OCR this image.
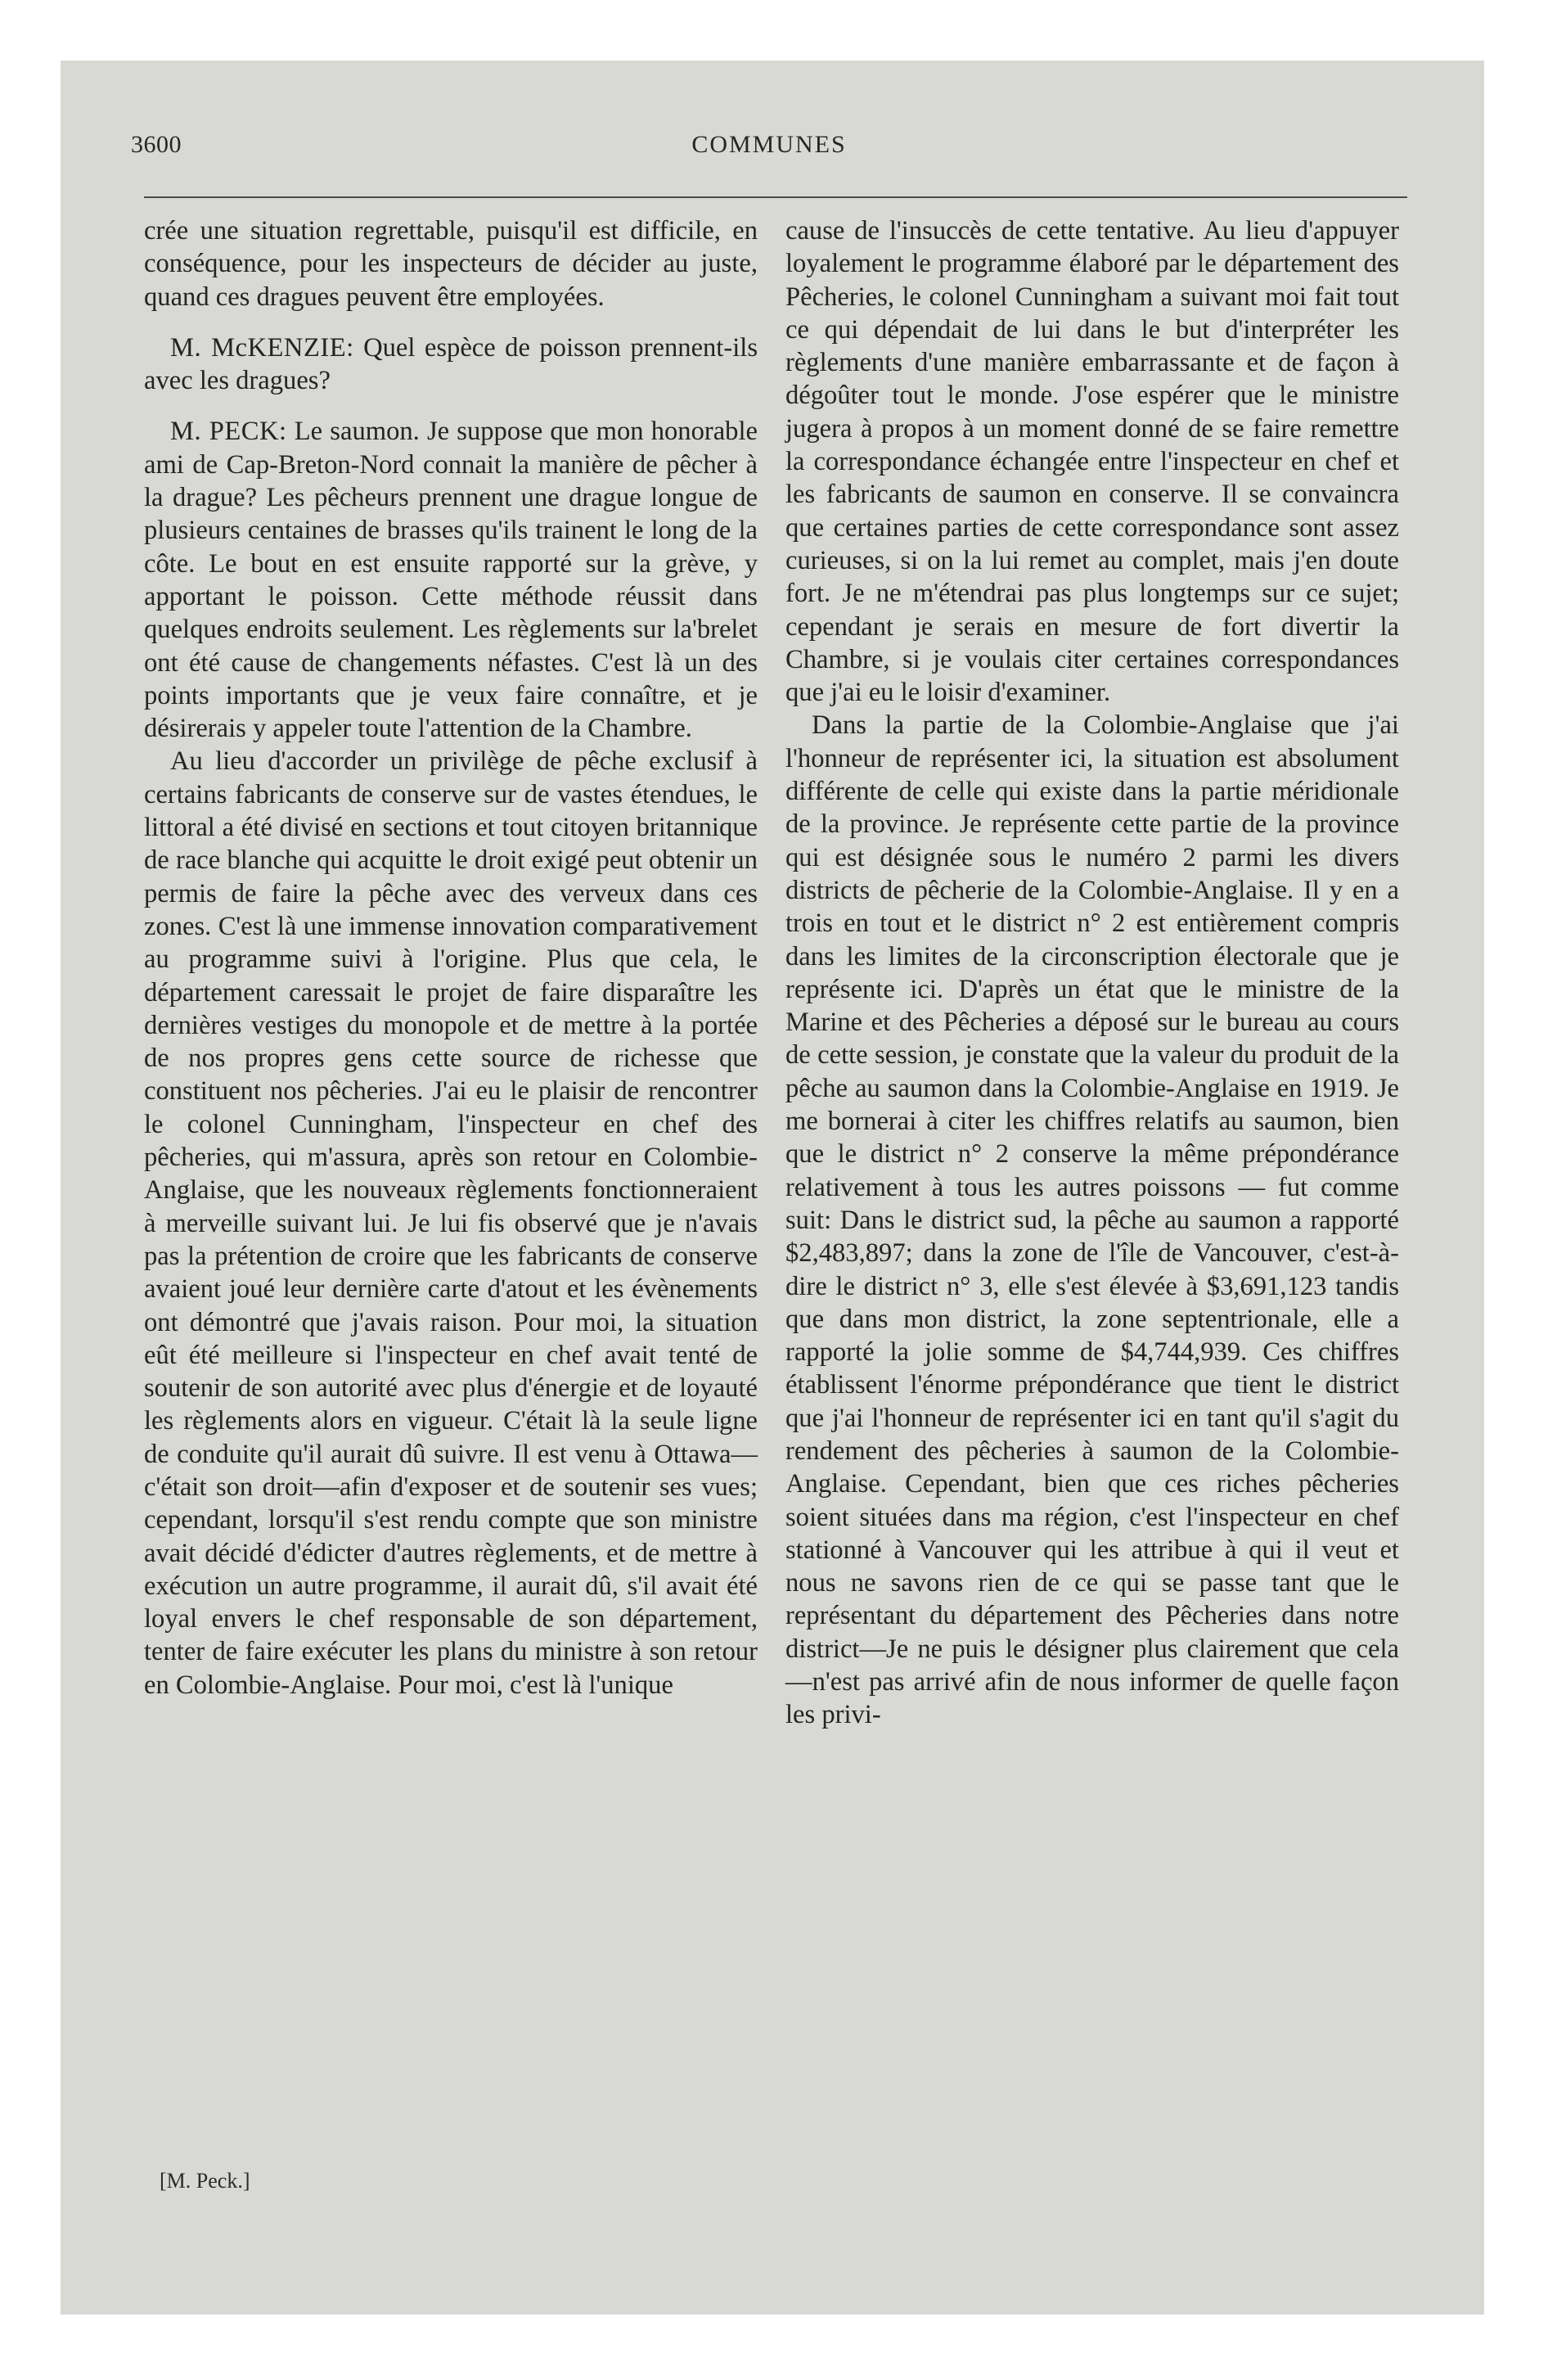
3600	COMMUNES

crée une situation regrettable, puisqu'il est difficile, en conséquence, pour les inspecteurs de décider au juste, quand ces dragues peuvent être employées.

M. McKENZIE: Quel espèce de poisson prennent-ils avec les dragues?

M. PECK: Le saumon. Je suppose que mon honorable ami de Cap-Breton-Nord connait la manière de pêcher à la drague? Les pêcheurs prennent une drague longue de plusieurs centaines de brasses qu'ils trainent le long de la côte. Le bout en est ensuite rapporté sur la grève, y apportant le poisson. Cette méthode réussit dans quelques endroits seulement. Les règlements sur la'brelet ont été cause de changements néfastes. C'est là un des points importants que je veux faire connaître, et je désirerais y appeler toute l'attention de la Chambre.

Au lieu d'accorder un privilège de pêche exclusif à certains fabricants de conserve sur de vastes étendues, le littoral a été divisé en sections et tout citoyen britannique de race blanche qui acquitte le droit exigé peut obtenir un permis de faire la pêche avec des verveux dans ces zones. C'est là une immense innovation comparativement au programme suivi à l'origine. Plus que cela, le département caressait le projet de faire disparaître les dernières vestiges du monopole et de mettre à la portée de nos propres gens cette source de richesse que constituent nos pêcheries. J'ai eu le plaisir de rencontrer le colonel Cunningham, l'inspecteur en chef des pêcheries, qui m'assura, après son retour en Colombie-Anglaise, que les nouveaux règlements fonctionneraient à merveille suivant lui. Je lui fis observé que je n'avais pas la prétention de croire que les fabricants de conserve avaient joué leur dernière carte d'atout et les évènements ont démontré que j'avais raison. Pour moi, la situation eût été meilleure si l'inspecteur en chef avait tenté de soutenir de son autorité avec plus d'énergie et de loyauté les règlements alors en vigueur. C'était là la seule ligne de conduite qu'il aurait dû suivre. Il est venu à Ottawa—c'était son droit—afin d'exposer et de soutenir ses vues; cependant, lorsqu'il s'est rendu compte que son ministre avait décidé d'édicter d'autres règlements, et de mettre à exécution un autre programme, il aurait dû, s'il avait été loyal envers le chef responsable de son département, tenter de faire exécuter les plans du ministre à son retour en Colombie-Anglaise. Pour moi, c'est là l'unique

[M. Peck.]

cause de l'insuccès de cette tentative. Au lieu d'appuyer loyalement le programme élaboré par le département des Pêcheries, le colonel Cunningham a suivant moi fait tout ce qui dépendait de lui dans le but d'interpréter les règlements d'une manière embarrassante et de façon à dégoûter tout le monde. J'ose espérer que le ministre jugera à propos à un moment donné de se faire remettre la correspondance échangée entre l'inspecteur en chef et les fabricants de saumon en conserve. Il se convaincra que certaines parties de cette correspondance sont assez curieuses, si on la lui remet au complet, mais j'en doute fort. Je ne m'étendrai pas plus longtemps sur ce sujet; cependant je serais en mesure de fort divertir la Chambre, si je voulais citer certaines correspondances que j'ai eu le loisir d'examiner.

Dans la partie de la Colombie-Anglaise que j'ai l'honneur de représenter ici, la situation est absolument différente de celle qui existe dans la partie méridionale de la province. Je représente cette partie de la province qui est désignée sous le numéro 2 parmi les divers districts de pêcherie de la Colombie-Anglaise. Il y en a trois en tout et le district n° 2 est entièrement compris dans les limites de la circonscription électorale que je représente ici. D'après un état que le ministre de la Marine et des Pêcheries a déposé sur le bureau au cours de cette session, je constate que la valeur du produit de la pêche au saumon dans la Colombie-Anglaise en 1919. Je me bornerai à citer les chiffres relatifs au saumon, bien que le district n° 2 conserve la même prépondérance relativement à tous les autres poissons — fut comme suit: Dans le district sud, la pêche au saumon a rapporté $2,483,897; dans la zone de l'île de Vancouver, c'est-à-dire le district n° 3, elle s'est élevée à $3,691,123 tandis que dans mon district, la zone septentrionale, elle a rapporté la jolie somme de $4,744,939. Ces chiffres établissent l'énorme prépondérance que tient le district que j'ai l'honneur de représenter ici en tant qu'il s'agit du rendement des pêcheries à saumon de la Colombie-Anglaise. Cependant, bien que ces riches pêcheries soient situées dans ma région, c'est l'inspecteur en chef stationné à Vancouver qui les attribue à qui il veut et nous ne savons rien de ce qui se passe tant que le représentant du département des Pêcheries dans notre district—Je ne puis le désigner plus clairement que cela—n'est pas arrivé afin de nous informer de quelle façon les privi-
